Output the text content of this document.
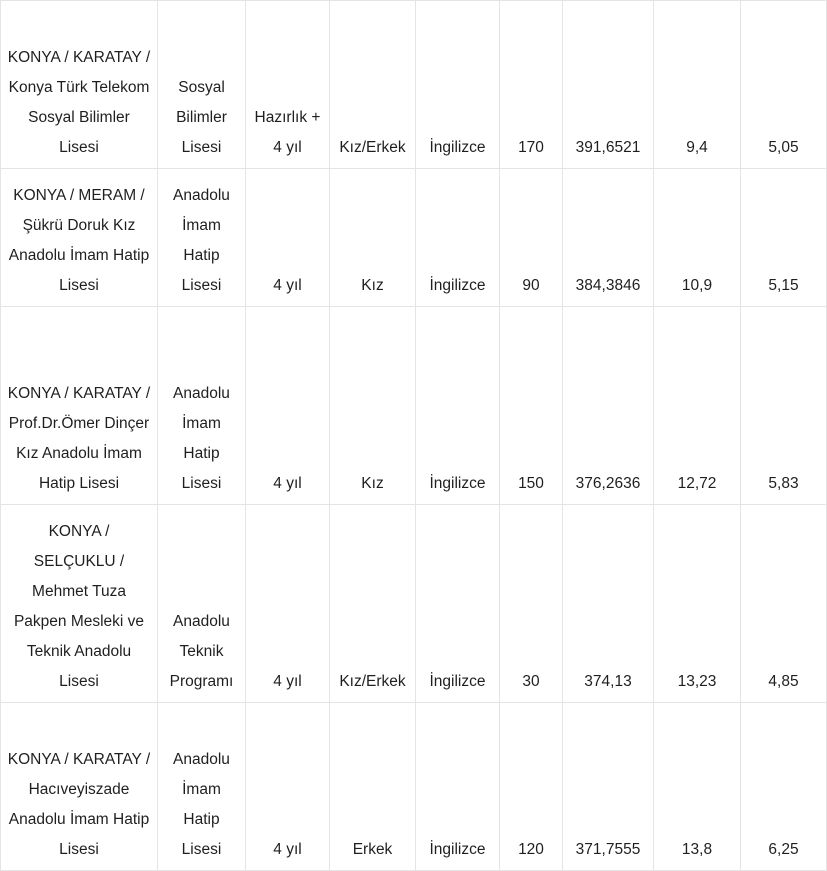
KONYA / KARATAY / Konya Türk Telekom Sosyal Bilimler Lisesi	Sosyal Bilimler Lisesi	Hazırlık + 4 yıl	Kız/Erkek	İngilizce	170	391,6521	9,4	5,05
KONYA / MERAM / Şükrü Doruk Kız Anadolu İmam Hatip Lisesi	Anadolu İmam Hatip Lisesi	4 yıl	Kız	İngilizce	90	384,3846	10,9	5,15
KONYA / KARATAY / Prof.Dr.Ömer Dinçer Kız Anadolu İmam Hatip Lisesi	Anadolu İmam Hatip Lisesi	4 yıl	Kız	İngilizce	150	376,2636	12,72	5,83
KONYA / SELÇUKLU / Mehmet Tuza Pakpen Mesleki ve Teknik Anadolu Lisesi	Anadolu Teknik Programı	4 yıl	Kız/Erkek	İngilizce	30	374,13	13,23	4,85
KONYA / KARATAY / Hacıveyiszade Anadolu İmam Hatip Lisesi	Anadolu İmam Hatip Lisesi	4 yıl	Erkek	İngilizce	120	371,7555	13,8	6,25
